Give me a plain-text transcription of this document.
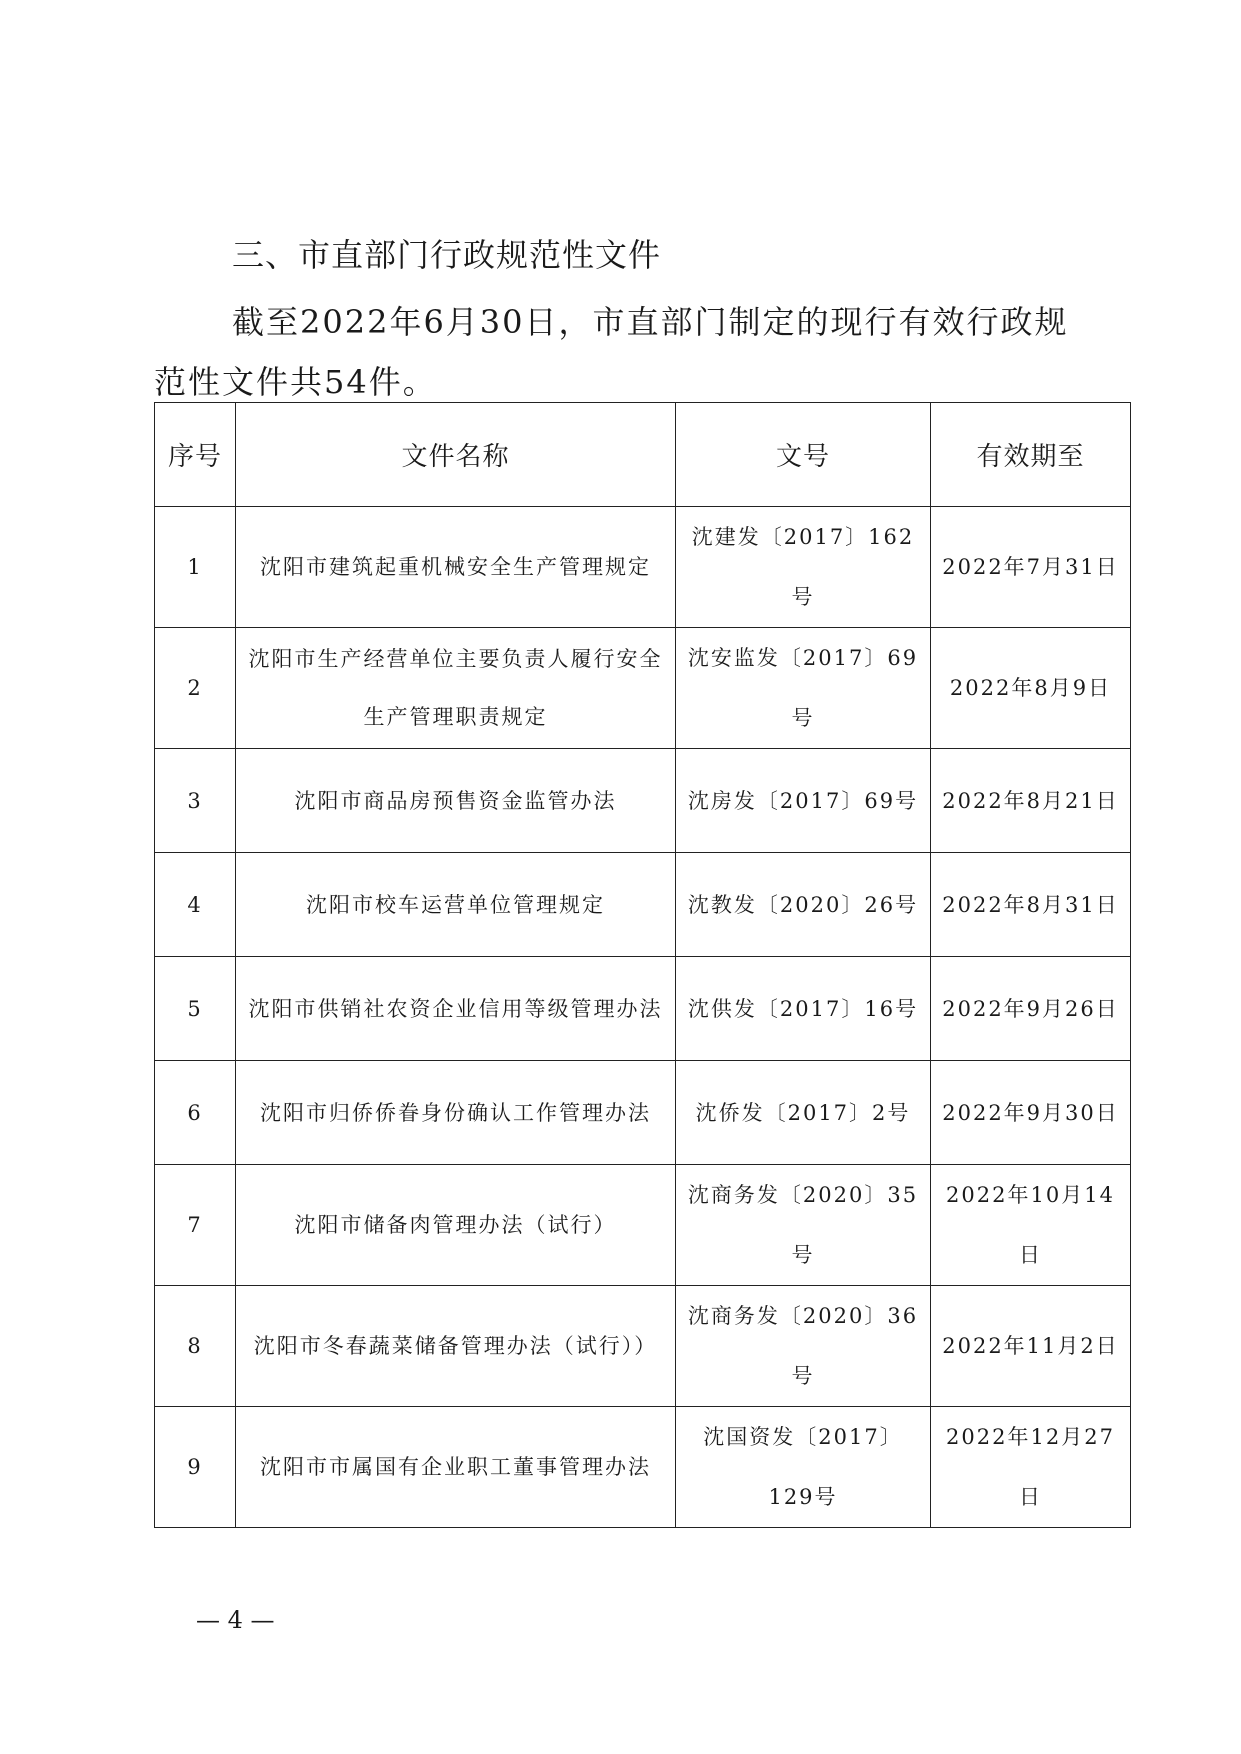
三、市直部门行政规范性文件

截至2022年6月30日，市直部门制定的现行有效行政规范性文件共54件。

序号	文件名称	文号	有效期至
1	沈阳市建筑起重机械安全生产管理规定	沈建发〔2017〕162号	2022年7月31日
2	沈阳市生产经营单位主要负责人履行安全生产管理职责规定	沈安监发〔2017〕69号	2022年8月9日
3	沈阳市商品房预售资金监管办法	沈房发〔2017〕69号	2022年8月21日
4	沈阳市校车运营单位管理规定	沈教发〔2020〕26号	2022年8月31日
5	沈阳市供销社农资企业信用等级管理办法	沈供发〔2017〕16号	2022年9月26日
6	沈阳市归侨侨眷身份确认工作管理办法	沈侨发〔2017〕2号	2022年9月30日
7	沈阳市储备肉管理办法（试行）	沈商务发〔2020〕35号	2022年10月14日
8	沈阳市冬春蔬菜储备管理办法（试行））	沈商务发〔2020〕36号	2022年11月2日
9	沈阳市市属国有企业职工董事管理办法	沈国资发〔2017〕129号	2022年12月27日
— 4 —
